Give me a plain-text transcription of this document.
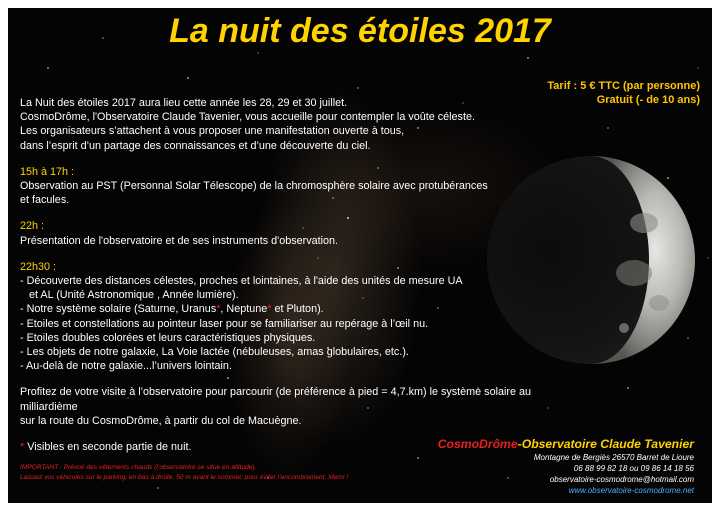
La nuit des étoiles 2017
Tarif : 5 € TTC (par personne)
Gratuit (- de 10 ans)

La Nuit des étoiles 2017 aura lieu cette année les 28, 29 et 30 juillet.

CosmoDrôme, l'Observatoire Claude Tavenier, vous accueille pour contempler la voûte céleste.

Les organisateurs s’attachent à vous proposer une manifestation ouverte à tous,

dans l’esprit d’un partage des connaissances et d’une découverte du ciel.

15h à 17h :

Observation au PST (Personnal Solar Télescope) de la chromosphère solaire avec protubérances

et facules.

22h :

Présentation de l'observatoire et de ses instruments d'observation.

22h30 :

- Découverte des distances célestes, proches et lointaines, à l'aide des unités de mesure UA

et AL (Unité Astronomique , Année lumière).

- Notre système solaire (Saturne, Uranus*, Neptune* et Pluton).

- Etoiles et constellations au pointeur laser pour se familiariser au repérage à l’œil nu.

- Etoiles doubles colorées et leurs caractéristiques physiques.

- Les objets de notre galaxie, La Voie lactée (nébuleuses, amas globulaires, etc.).

- Au-delà de notre galaxie...l’univers lointain.

Profitez de votre visite à l’observatoire pour parcourir (de préférence à pied = 4,7.km) le système solaire au milliardième

sur la route du CosmoDrôme, à partir du col de Macuègne.

* Visibles en seconde partie de nuit.

IMPORTANT : Prévoir des vêtements chauds (l’observatoire se situe en altitude).
Laissez vos véhicules sur le parking, en bas à droite, 50 m avant le sommet, pour éviter l’encombrement. Merci !
CosmoDrôme-Observatoire Claude Tavenier
Montagne de Bergiès 26570 Barret de Lioure
06 88 99 82 18 ou 09 86 14 18 56
observatoire-cosmodrome@hotmail.com
www.observatoire-cosmodrome.net
